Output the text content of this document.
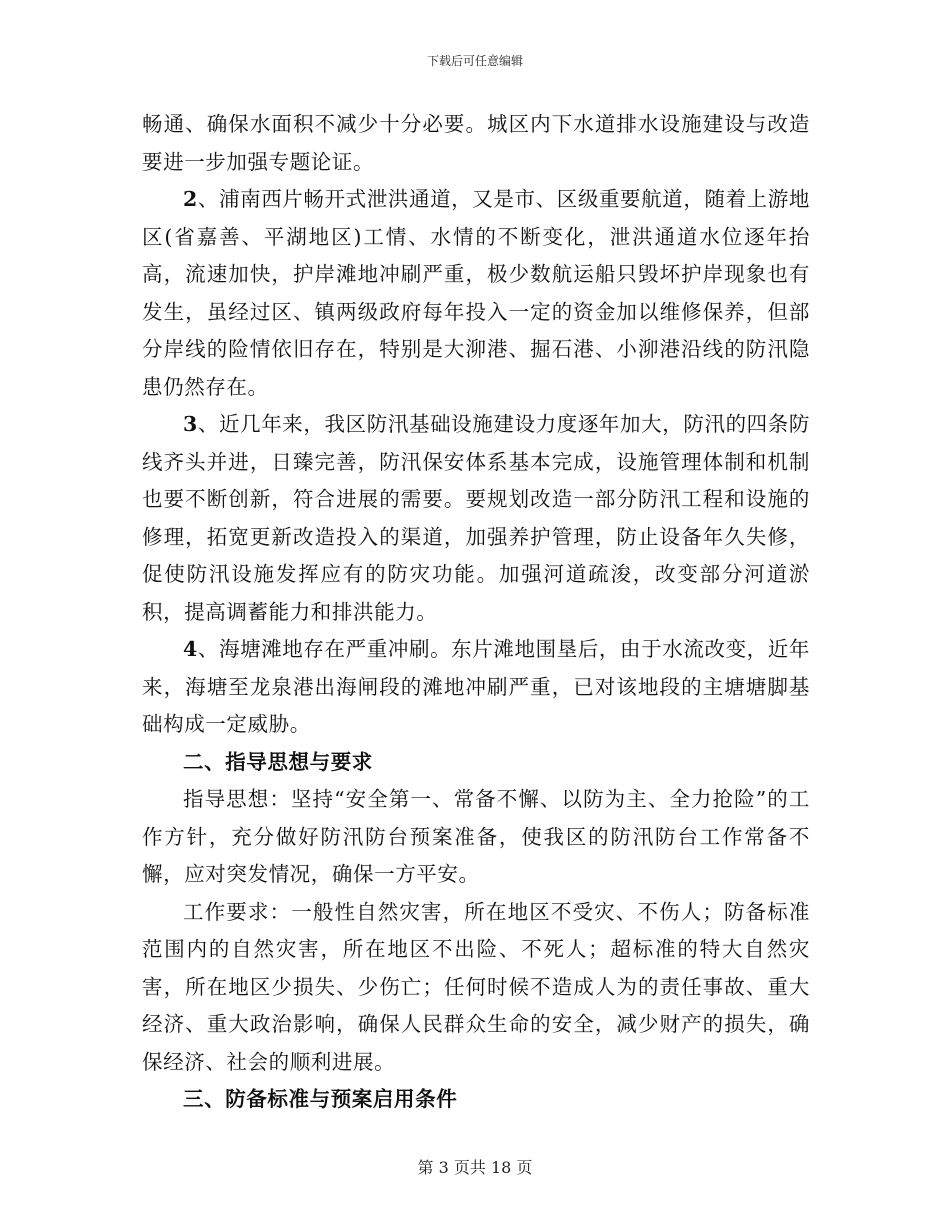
下载后可任意编辑

畅通、确保水面积不减少十分必要。城区内下水道排水设施建设与改造要进一步加强专题论证。

2、浦南西片畅开式泄洪通道，又是市、区级重要航道，随着上游地区(省嘉善、平湖地区)工情、水情的不断变化，泄洪通道水位逐年抬高，流速加快，护岸滩地冲刷严重，极少数航运船只毁坏护岸现象也有发生，虽经过区、镇两级政府每年投入一定的资金加以维修保养，但部分岸线的险情依旧存在，特别是大泖港、掘石港、小泖港沿线的防汛隐患仍然存在。

3、近几年来，我区防汛基础设施建设力度逐年加大，防汛的四条防线齐头并进，日臻完善，防汛保安体系基本完成，设施管理体制和机制也要不断创新，符合进展的需要。要规划改造一部分防汛工程和设施的修理，拓宽更新改造投入的渠道，加强养护管理，防止设备年久失修，促使防汛设施发挥应有的防灾功能。加强河道疏浚，改变部分河道淤积，提高调蓄能力和排洪能力。

4、海塘滩地存在严重冲刷。东片滩地围垦后，由于水流改变，近年来，海塘至龙泉港出海闸段的滩地冲刷严重，已对该地段的主塘塘脚基础构成一定威胁。

二、指导思想与要求

指导思想：坚持“安全第一、常备不懈、以防为主、全力抢险”的工作方针，充分做好防汛防台预案准备，使我区的防汛防台工作常备不懈，应对突发情况，确保一方平安。

工作要求：一般性自然灾害，所在地区不受灾、不伤人；防备标准范围内的自然灾害，所在地区不出险、不死人；超标准的特大自然灾害，所在地区少损失、少伤亡；任何时候不造成人为的责任事故、重大经济、重大政治影响，确保人民群众生命的安全，减少财产的损失，确保经济、社会的顺利进展。

三、防备标准与预案启用条件

第 3 页共 18 页
